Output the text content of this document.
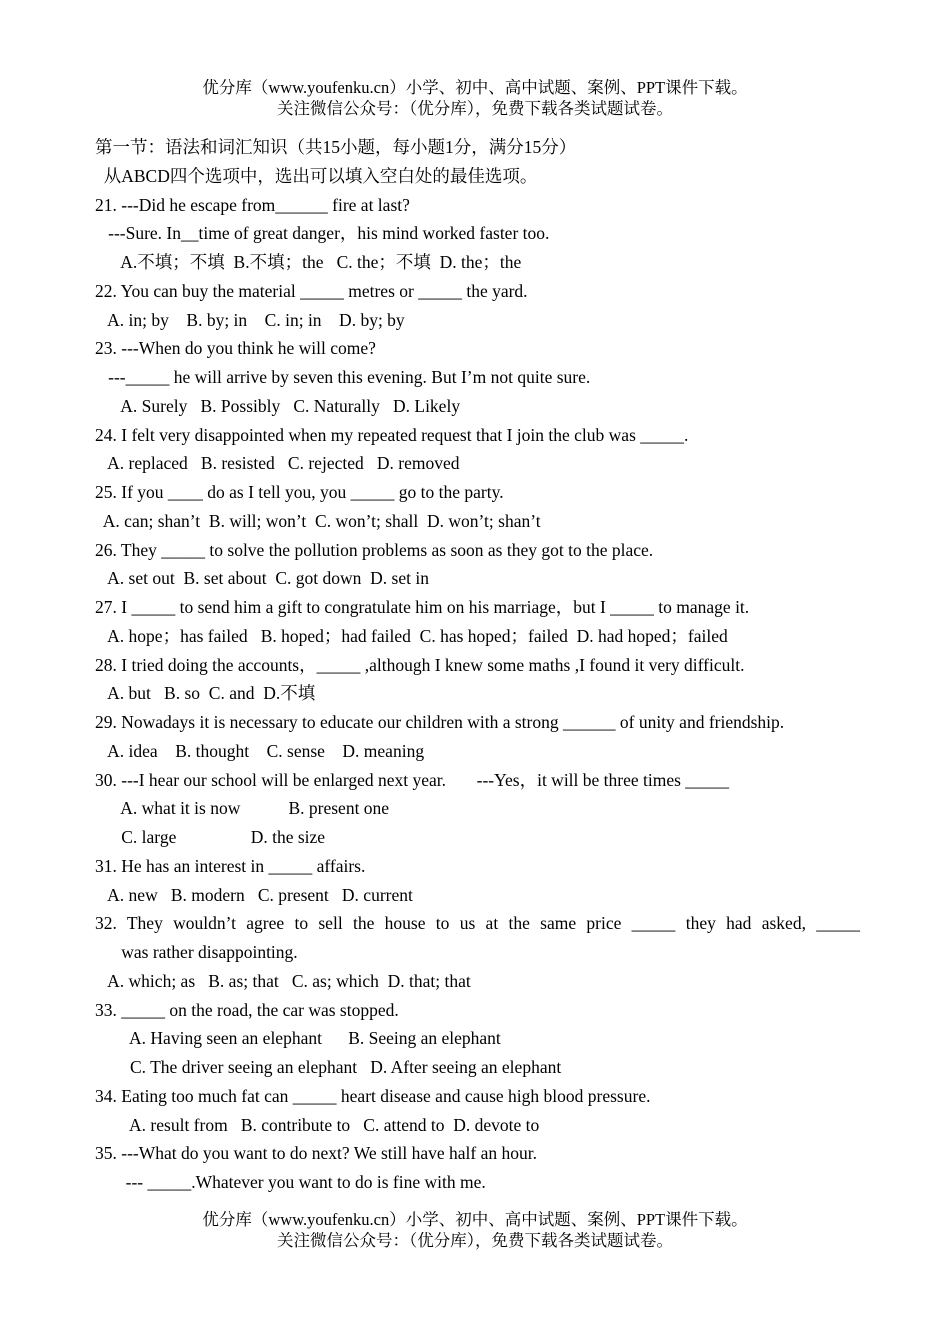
优分库（www.youfenku.cn）小学、初中、高中试题、案例、PPT课件下载。
关注微信公众号：（优分库），免费下载各类试题试卷。
第一节：语法和词汇知识（共15小题，每小题1分，满分15分）
从ABCD四个选项中，选出可以填入空白处的最佳选项。
21. ---Did he escape from______ fire at last?
---Sure. In__time of great danger，his mind worked faster too.
A.不填；不填  B.不填；the   C. the；不填  D. the；the
22. You can buy the material _____ metres or _____ the yard.
A. in; by    B. by; in    C. in; in    D. by; by
23. ---When do you think he will come?
---_____ he will arrive by seven this evening. But I’m not quite sure.
A. Surely   B. Possibly   C. Naturally   D. Likely
24. I felt very disappointed when my repeated request that I join the club was _____.
A. replaced   B. resisted   C. rejected   D. removed
25. If you ____ do as I tell you, you _____ go to the party.
A. can; shan’t  B. will; won’t  C. won’t; shall  D. won’t; shan’t
26. They _____ to solve the pollution problems as soon as they got to the place.
A. set out  B. set about  C. got down  D. set in
27. I _____ to send him a gift to congratulate him on his marriage，but I _____ to manage it.
A. hope；has failed   B. hoped；had failed  C. has hoped；failed  D. had hoped；failed
28. I tried doing the accounts，_____ ,although I knew some maths ,I found it very difficult.
A. but   B. so  C. and  D.不填
29. Nowadays it is necessary to educate our children with a strong ______ of unity and friendship.
A. idea    B. thought    C. sense    D. meaning
30. ---I hear our school will be enlarged next year.       ---Yes，it will be three times _____
A. what it is now           B. present one
C. large                 D. the size
31. He has an interest in _____ affairs.
A. new   B. modern   C. present   D. current
32. They wouldn’t agree to sell the house to us at the same price _____ they had asked, _____
was rather disappointing.
A. which; as   B. as; that   C. as; which  D. that; that
33. _____ on the road, the car was stopped.
A. Having seen an elephant      B. Seeing an elephant
C. The driver seeing an elephant   D. After seeing an elephant
34. Eating too much fat can _____ heart disease and cause high blood pressure.
A. result from   B. contribute to   C. attend to  D. devote to
35. ---What do you want to do next? We still have half an hour.
--- _____.Whatever you want to do is fine with me.
优分库（www.youfenku.cn）小学、初中、高中试题、案例、PPT课件下载。
关注微信公众号：（优分库），免费下载各类试题试卷。
